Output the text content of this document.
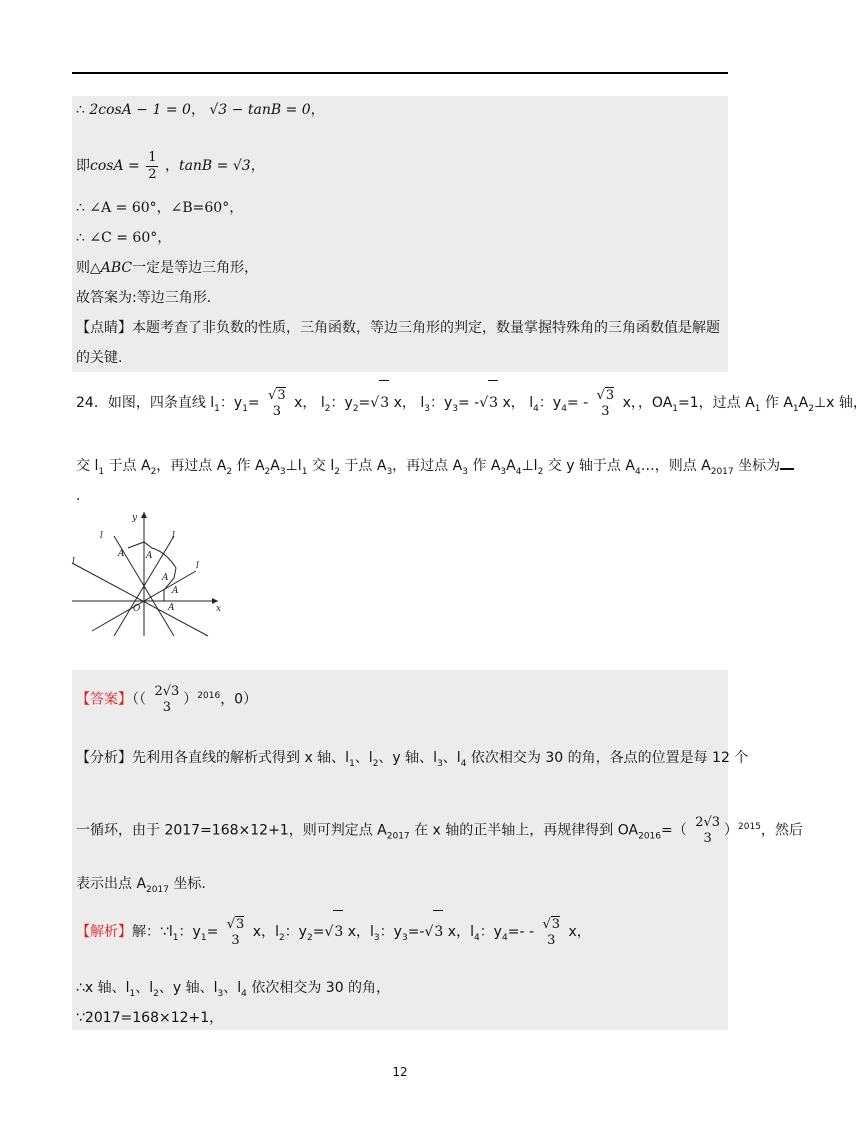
∴ 2cosA − 1 = 0， √3 − tanB = 0，
即$\cos A = \frac{1}{2}$ ，tanB = √3，
∴ ∠A = 60°，∠B=60°，
∴ ∠C = 60°，
则△ABC一定是等边三角形，
故答案为:等边三角形.
【点睛】本题考查了非负数的性质，三角函数，等边三角形的判定，数量掌握特殊角的三角函数值是解题
的关键.
24．如图，四条直线 $l_1$：$y_1= √3$
3 x， $l_2$：$y_2=√3$ x， $l_3$：$y_3= -√3$ x， $l_4$：$y_4= - √3$
3 x，，$OA_1=1$，过点 $A_1$ 作 $A_1A_2\perp x$ 轴，
交 $l_1$ 于点 $A_2$，再过点 $A_2$ 作 $A_2A_3\perp l_1$ 交 $l_2$ 于点 $A_3$，再过点 $A_3$ 作 $A_3A_4\perp l_2$ 交 y 轴于点 $A_4\dots$，则点 $A_{2017}$ 坐标为
.
x
y
O
l
l
l
l
A
A
A
A
A
【答案】（（
2√3
3 ）$^{2016}$，0）
【分析】先利用各直线的解析式得到 x 轴、$l_1$、$l_2$、y 轴、$l_3$、$l_4$ 依次相交为 30 的角，各点的位置是每 12 个
一循环，由于 2017=168×12+1，则可判定点 $A_{2017}$ 在 x 轴的正半轴上，再规律得到 $OA_{2016}=$（
2√3
3 ）$^{2015}$，然后
表示出点 $A_{2017}$ 坐标.
【解析】解：$\because l_1$：$y_1= √3$
3 x，$l_2$：$y_2=√3$ x，$l_3$：$y_3=-√3$ x，$l_4$：$y_4=- - √3$
3 x，
∴x 轴、$l_1$、$l_2$、y 轴、$l_3$、$l_4$ 依次相交为 30 的角，
∵2017=168×12+1，
12
